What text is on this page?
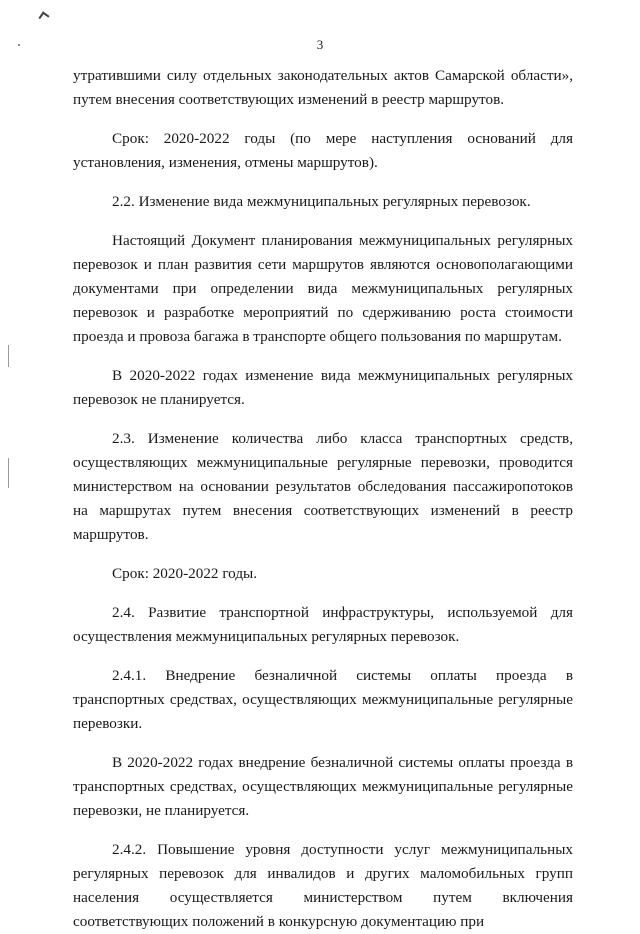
3

утратившими силу отдельных законодательных актов Самарской области», путем внесения соответствующих изменений в реестр маршрутов.

Срок: 2020-2022 годы (по мере наступления оснований для установления, изменения, отмены маршрутов).

2.2. Изменение вида межмуниципальных регулярных перевозок.

Настоящий Документ планирования межмуниципальных регулярных перевозок и план развития сети маршрутов являются основополагающими документами при определении вида межмуниципальных регулярных перевозок и разработке мероприятий по сдерживанию роста стоимости проезда и провоза багажа в транспорте общего пользования по маршрутам.

В 2020-2022 годах изменение вида межмуниципальных регулярных перевозок не планируется.

2.3. Изменение количества либо класса транспортных средств, осуществляющих межмуниципальные регулярные перевозки, проводится министерством на основании результатов обследования пассажиропотоков на маршрутах путем внесения соответствующих изменений в реестр маршрутов.

Срок: 2020-2022 годы.

2.4. Развитие транспортной инфраструктуры, используемой для осуществления межмуниципальных регулярных перевозок.

2.4.1. Внедрение безналичной системы оплаты проезда в транспортных средствах, осуществляющих межмуниципальные регулярные перевозки.

В 2020-2022 годах внедрение безналичной системы оплаты проезда в транспортных средствах, осуществляющих межмуниципальные регулярные перевозки, не планируется.

2.4.2. Повышение уровня доступности услуг межмуниципальных регулярных перевозок для инвалидов и других маломобильных групп населения осуществляется министерством путем включения соответствующих положений в конкурсную документацию при
